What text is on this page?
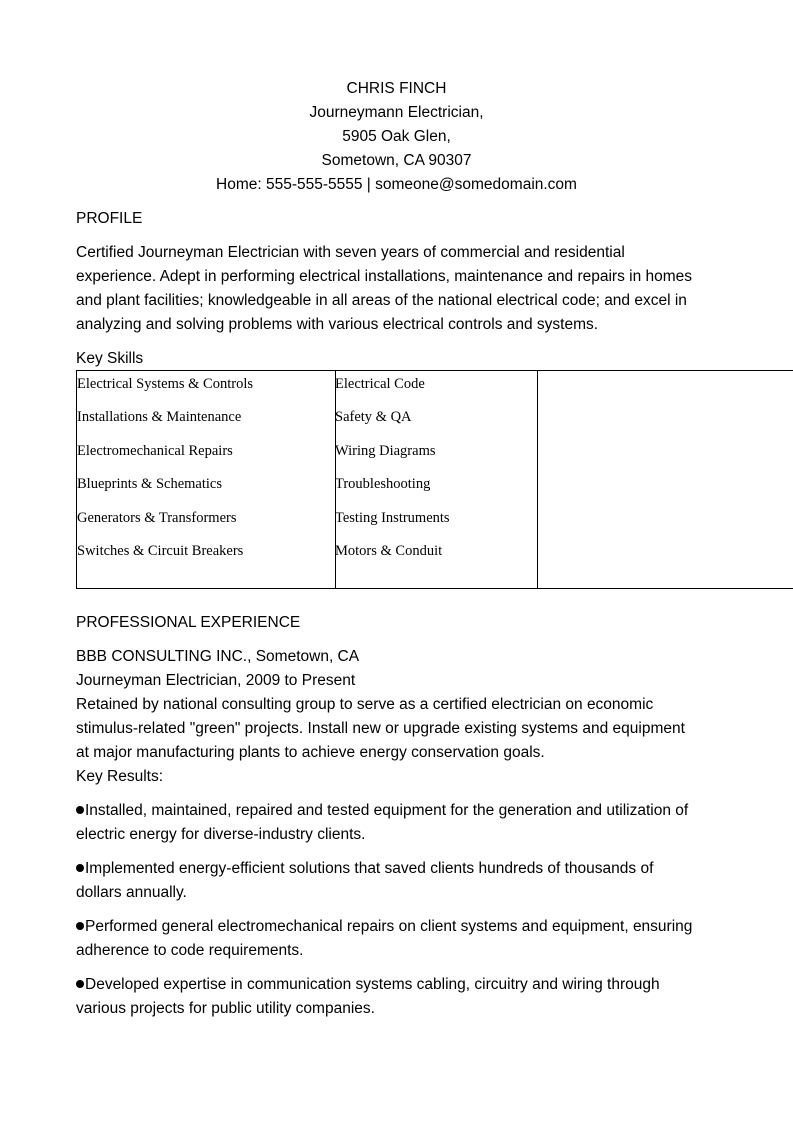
CHRIS FINCH
Journeymann Electrician,
5905 Oak Glen,
Sometown, CA 90307
Home: 555-555-5555 | someone@somedomain.com
PROFILE
Certified Journeyman Electrician with seven years of commercial and residential
experience. Adept in performing electrical installations, maintenance and repairs in homes
and plant facilities; knowledgeable in all areas of the national electrical code; and excel in
analyzing and solving problems with various electrical controls and systems.
Key Skills
Electrical Systems & Controls
Installations & Maintenance
Electromechanical Repairs
Blueprints & Schematics
Generators & Transformers
Switches & Circuit Breakers
Electrical Code
Safety & QA
Wiring Diagrams
Troubleshooting
Testing Instruments
Motors & Conduit
PROFESSIONAL EXPERIENCE
BBB CONSULTING INC., Sometown, CA
Journeyman Electrician, 2009 to Present
Retained by national consulting group to serve as a certified electrician on economic
stimulus-related "green" projects. Install new or upgrade existing systems and equipment
at major manufacturing plants to achieve energy conservation goals.
Key Results:
Installed, maintained, repaired and tested equipment for the generation and utilization of
electric energy for diverse-industry clients.
Implemented energy-efficient solutions that saved clients hundreds of thousands of
dollars annually.
Performed general electromechanical repairs on client systems and equipment, ensuring
adherence to code requirements.
Developed expertise in communication systems cabling, circuitry and wiring through
various projects for public utility companies.
